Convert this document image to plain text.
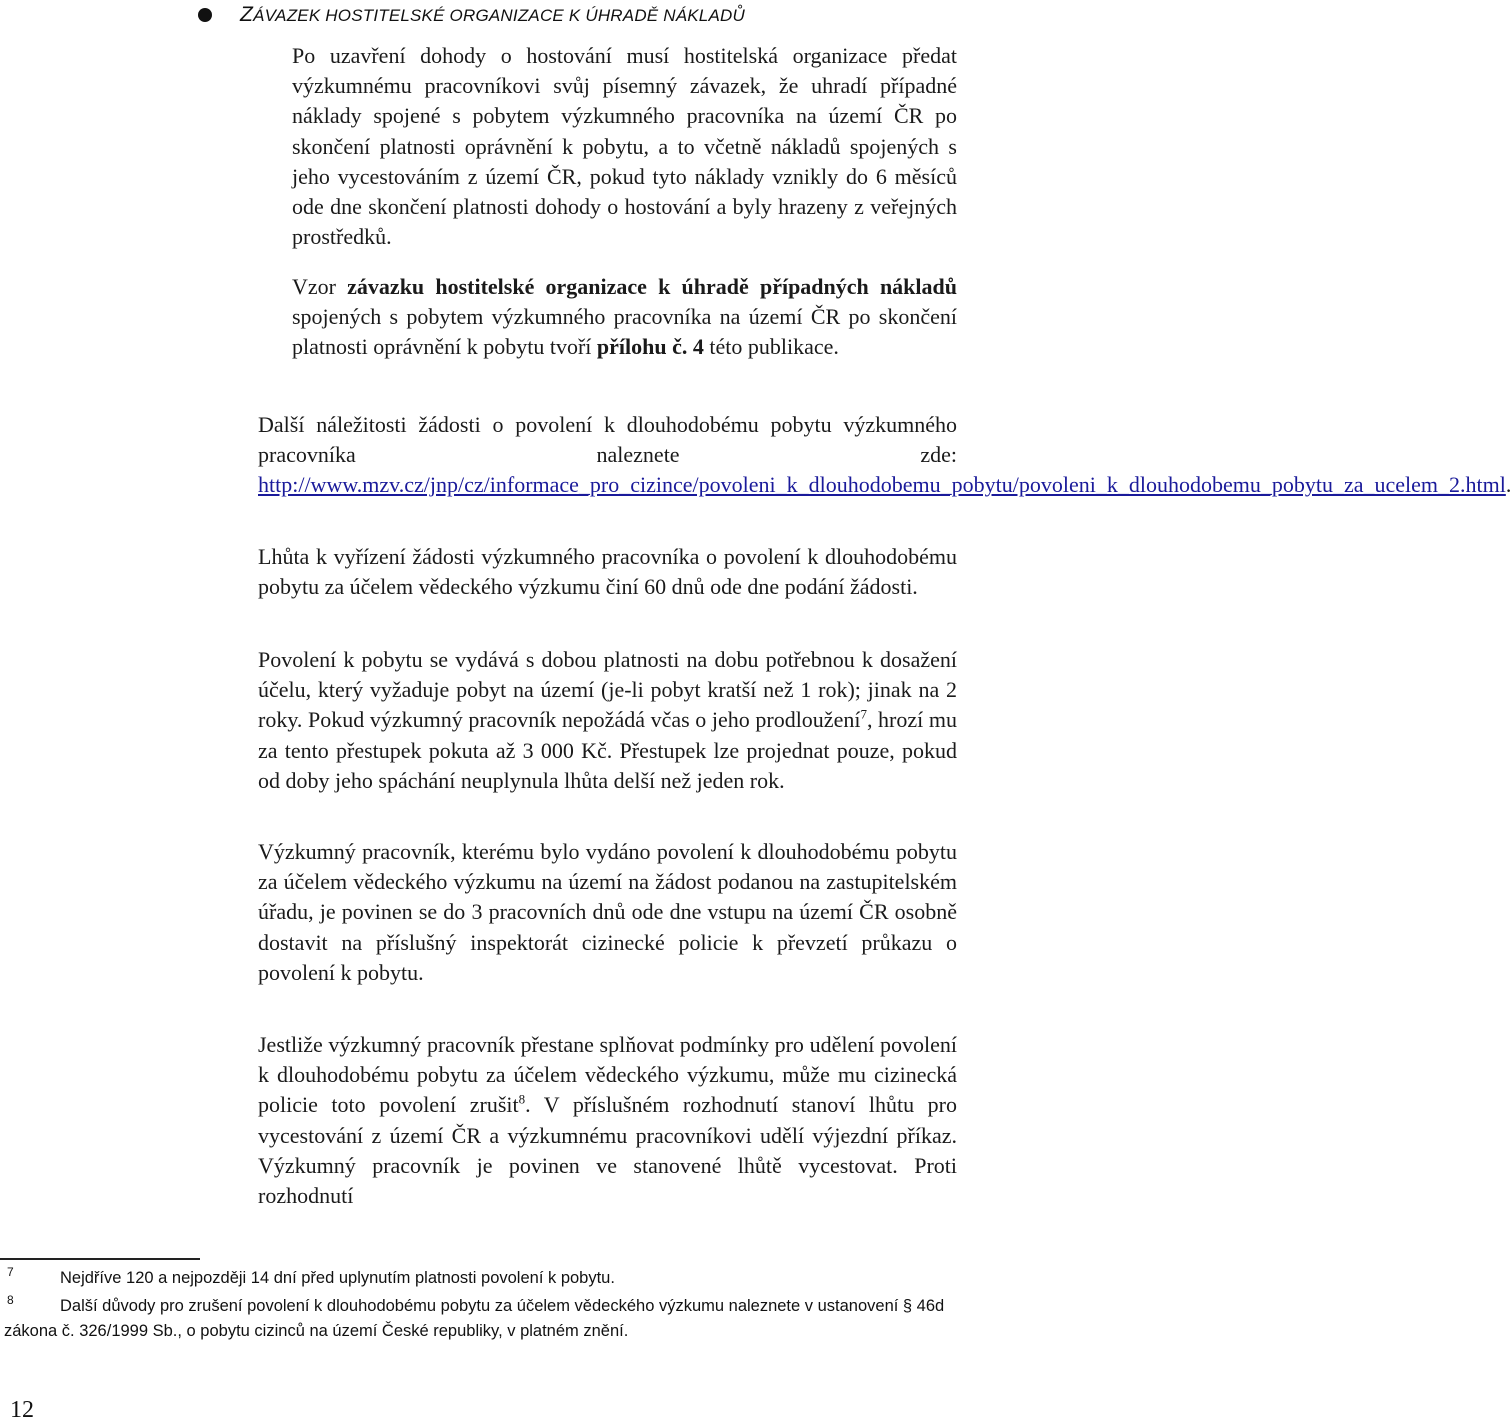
ZÁVAZEK HOSTITELSKÉ ORGANIZACE K ÚHRADĚ NÁKLADŮ

Po uzavření dohody o hostování musí hostitelská organizace předat výzkumnému pracovníkovi svůj písemný závazek, že uhradí případné náklady spojené s pobytem výzkumného pracovníka na území ČR po skončení platnosti oprávnění k pobytu, a to včetně nákladů spojených s jeho vycestováním z území ČR, pokud tyto náklady vznikly do 6 měsíců ode dne skončení platnosti dohody o hostování a byly hrazeny z veřejných prostředků.

Vzor závazku hostitelské organizace k úhradě případných nákladů spojených s pobytem výzkumného pracovníka na území ČR po skončení platnosti oprávnění k pobytu tvoří přílohu č. 4 této publikace.

Další náležitosti žádosti o povolení k dlouhodobému pobytu výzkumného pracovníka naleznete zde: http://www.mzv.cz/jnp/cz/informace_pro_cizince/povoleni_k_dlouhodobemu_pobytu/povoleni_k_dlouhodobemu_pobytu_za_ucelem_2.html.

Lhůta k vyřízení žádosti výzkumného pracovníka o povolení k dlouhodobému pobytu za účelem vědeckého výzkumu činí 60 dnů ode dne podání žádosti.

Povolení k pobytu se vydává s dobou platnosti na dobu potřebnou k dosažení účelu, který vyžaduje pobyt na území (je-li pobyt kratší než 1 rok); jinak na 2 roky. Pokud výzkumný pracovník nepožádá včas o jeho prodloužení$^7$, hrozí mu za tento přestupek pokuta až 3 000 Kč. Přestupek lze projednat pouze, pokud od doby jeho spáchání neuplynula lhůta delší než jeden rok.

Výzkumný pracovník, kterému bylo vydáno povolení k dlouhodobému pobytu za účelem vědeckého výzkumu na území na žádost podanou na zastupitelském úřadu, je povinen se do 3 pracovních dnů ode dne vstupu na území ČR osobně dostavit na příslušný inspektorát cizinecké policie k převzetí průkazu o povolení k pobytu.

Jestliže výzkumný pracovník přestane splňovat podmínky pro udělení povolení k dlouhodobému pobytu za účelem vědeckého výzkumu, může mu cizinecká policie toto povolení zrušit$^8$. V příslušném rozhodnutí stanoví lhůtu pro vycestování z území ČR a výzkumnému pracovníkovi udělí výjezdní příkaz. Výzkumný pracovník je povinen ve stanovené lhůtě vycestovat. Proti rozhodnutí

7	Nejdříve 120 a nejpozději 14 dní před uplynutím platnosti povolení k pobytu.

8	Další důvody pro zrušení povolení k dlouhodobému pobytu za účelem vědeckého výzkumu naleznete v ustanovení § 46d zákona č. 326/1999 Sb., o pobytu cizinců na území České republiky, v platném znění.

12
